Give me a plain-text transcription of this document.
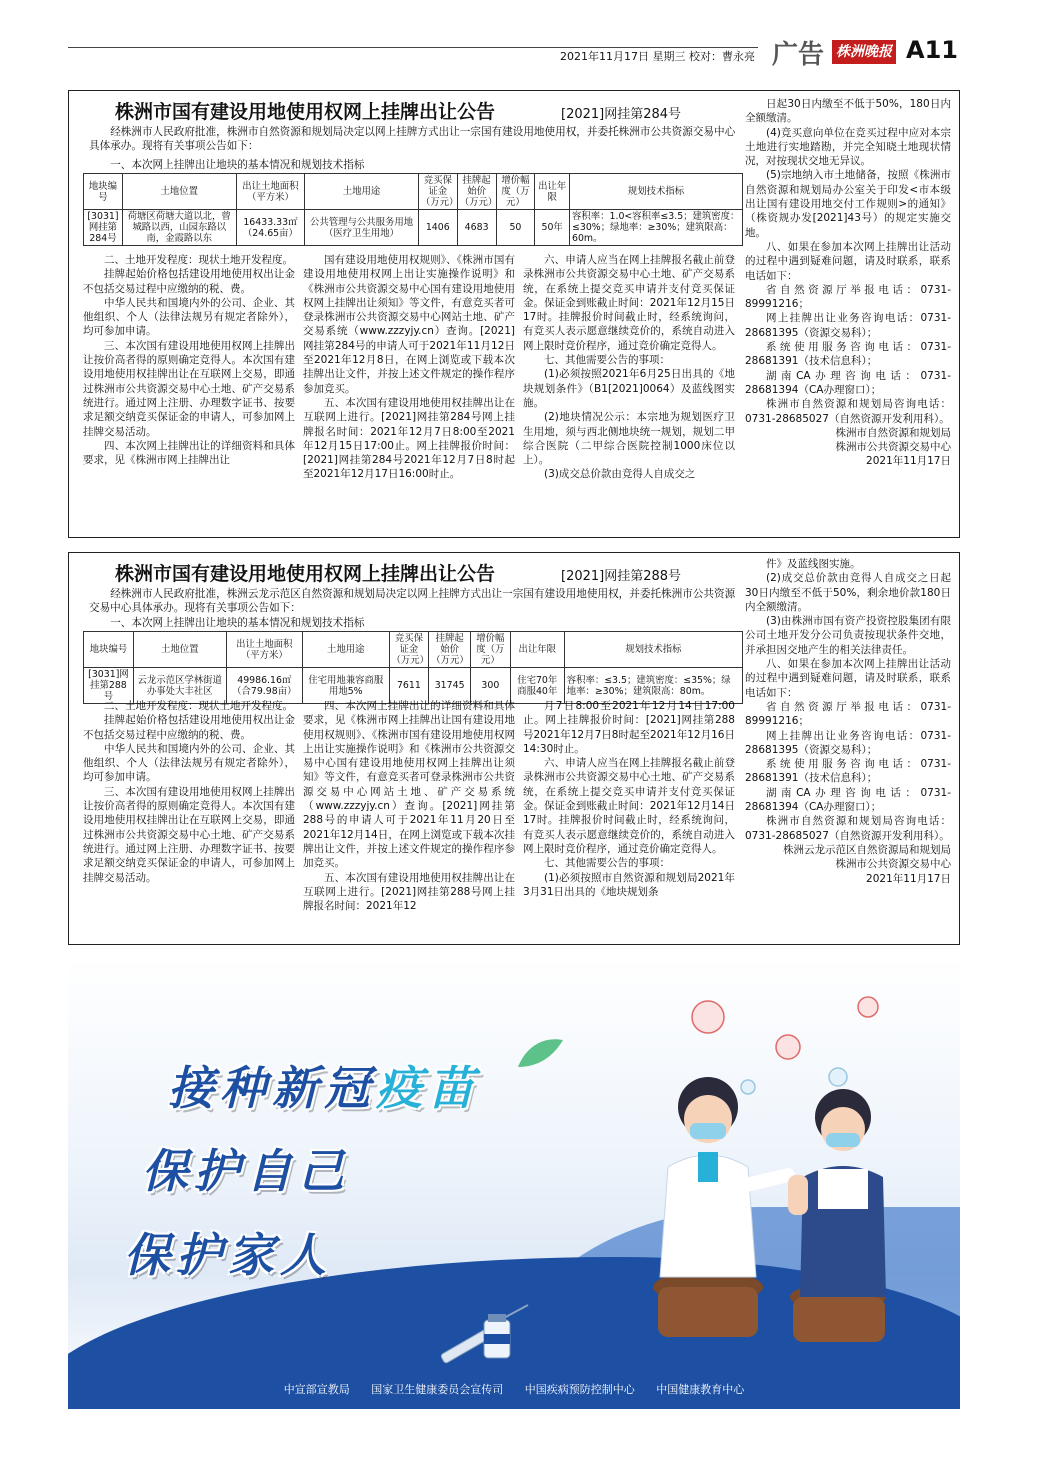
2021年11月17日 星期三 校对：曹永亮 广告 株洲晚报 A11
株洲市国有建设用地使用权网上挂牌出让公告	[2021]网挂第284号
经株洲市人民政府批准，株洲市自然资源和规划局决定以网上挂牌方式出让一宗国有建设用地使用权，并委托株洲市公共资源交易中心具体承办。现将有关事项公告如下：
一、本次网上挂牌出让地块的基本情况和规划技术指标
地块编号	土地位置	出让土地面积（平方米）	土地用途	竞买保证金（万元）	挂牌起始价（万元）	增价幅度（万元）	出让年限	规划技术指标
[3031]网挂第284号	荷塘区荷塘大道以北，曾城路以西，山园东路以南，金霞路以东	16433.33㎡（24.65亩）	公共管理与公共服务用地（医疗卫生用地）	1406	4683	50	50年	容积率：1.0<容积率≤3.5；建筑密度：≤30%；绿地率：≥30%；建筑限高：60m。

二、土地开发程度：现状土地开发程度。

挂牌起始价格包括建设用地使用权出让金不包括交易过程中应缴纳的税、费。

中华人民共和国境内外的公司、企业、其他组织、个人（法律法规另有规定者除外），均可参加申请。

三、本次国有建设用地使用权网上挂牌出让按价高者得的原则确定竞得人。本次国有建设用地使用权挂牌出让在互联网上交易，即通过株洲市公共资源交易中心土地、矿产交易系统进行。通过网上注册、办理数字证书、按要求足额交纳竞买保证金的申请人，可参加网上挂牌交易活动。

四、本次网上挂牌出让的详细资料和具体要求，见《株洲市网上挂牌出让

国有建设用地使用权规则》、《株洲市国有建设用地使用权网上出让实施操作说明》和《株洲市公共资源交易中心国有建设用地使用权网上挂牌出让须知》等文件，有意竞买者可登录株洲市公共资源交易中心网站土地、矿产交易系统（www.zzzyjy.cn）查询。[2021]网挂第284号的申请人可于2021年11月12日至2021年12月8日，在网上浏览或下载本次挂牌出让文件，并按上述文件规定的操作程序参加竞买。

五、本次国有建设用地使用权挂牌出让在互联网上进行。[2021]网挂第284号网上挂牌报名时间：2021年12月7日8:00至2021年12月15日17:00止。网上挂牌报价时间：[2021]网挂第284号2021年12月7日8时起至2021年12月17日16:00时止。

六、申请人应当在网上挂牌报名截止前登录株洲市公共资源交易中心土地、矿产交易系统，在系统上提交竞买申请并支付竞买保证金。保证金到账截止时间：2021年12月15日17时。挂牌报价时间截止时，经系统询问，有竞买人表示愿意继续竞价的，系统自动进入网上限时竞价程序，通过竞价确定竞得人。

七、其他需要公告的事项：

(1)必须按照2021年6月25日出具的《地块规划条件》（B1[2021]0064）及蓝线图实施。

(2)地块情况公示：本宗地为规划医疗卫生用地，须与西北侧地块统一规划，规划二甲综合医院（二甲综合医院控制1000床位以上）。

(3)成交总价款由竞得人自成交之

日起30日内缴至不低于50%，180日内全额缴清。

(4)竞买意向单位在竞买过程中应对本宗土地进行实地踏勘，并完全知晓土地现状情况，对按现状交地无异议。

(5)宗地纳入市土地储备，按照《株洲市自然资源和规划局办公室关于印发<市本级出让国有建设用地交付工作规则>的通知》（株资规办发[2021]43号）的规定实施交地。

八、如果在参加本次网上挂牌出让活动的过程中遇到疑难问题，请及时联系，联系电话如下：

省自然资源厅举报电话：0731-89991216；

网上挂牌出让业务咨询电话：0731-28681395（资源交易科）；

系统使用服务咨询电话：0731-28681391（技术信息科）；

湖南CA办理咨询电话：0731-28681394（CA办理窗口）；

株洲市自然资源和规划局咨询电话：0731-28685027（自然资源开发利用科）。

株洲市自然资源和规划局

株洲市公共资源交易中心

2021年11月17日

株洲市国有建设用地使用权网上挂牌出让公告	[2021]网挂第288号
经株洲市人民政府批准，株洲云龙示范区自然资源和规划局决定以网上挂牌方式出让一宗国有建设用地使用权，并委托株洲市公共资源交易中心具体承办。现将有关事项公告如下：
一、本次网上挂牌出让地块的基本情况和规划技术指标
地块编号	土地位置	出让土地面积（平方米）	土地用途	竞买保证金（万元）	挂牌起始价（万元）	增价幅度（万元）	出让年限	规划技术指标
[3031]网挂第288号	云龙示范区学林街道办事处大丰社区	49986.16㎡（合79.98亩）	住宅用地兼容商服用地5%	7611	31745	300	住宅70年商服40年	容积率：≤3.5；建筑密度：≤35%；绿地率：≥30%；建筑限高：80m。

二、土地开发程度：现状土地开发程度。

挂牌起始价格包括建设用地使用权出让金不包括交易过程中应缴纳的税、费。

中华人民共和国境内外的公司、企业、其他组织、个人（法律法规另有规定者除外），均可参加申请。

三、本次国有建设用地使用权网上挂牌出让按价高者得的原则确定竞得人。本次国有建设用地使用权挂牌出让在互联网上交易，即通过株洲市公共资源交易中心土地、矿产交易系统进行。通过网上注册、办理数字证书、按要求足额交纳竞买保证金的申请人，可参加网上挂牌交易活动。

四、本次网上挂牌出让的详细资料和具体要求，见《株洲市网上挂牌出让国有建设用地使用权规则》、《株洲市国有建设用地使用权网上出让实施操作说明》和《株洲市公共资源交易中心国有建设用地使用权网上挂牌出让须知》等文件，有意竞买者可登录株洲市公共资源交易中心网站土地、矿产交易系统（www.zzzyjy.cn）查询。[2021]网挂第288号的申请人可于2021年11月20日至2021年12月14日，在网上浏览或下载本次挂牌出让文件，并按上述文件规定的操作程序参加竞买。

五、本次国有建设用地使用权挂牌出让在互联网上进行。[2021]网挂第288号网上挂牌报名时间：2021年12

月7日8:00至2021年12月14日17:00止。网上挂牌报价时间：[2021]网挂第288号2021年12月7日8时起至2021年12月16日14:30时止。

六、申请人应当在网上挂牌报名截止前登录株洲市公共资源交易中心土地、矿产交易系统，在系统上提交竞买申请并支付竞买保证金。保证金到账截止时间：2021年12月14日17时。挂牌报价时间截止时，经系统询问，有竞买人表示愿意继续竞价的，系统自动进入网上限时竞价程序，通过竞价确定竞得人。

七、其他需要公告的事项：

(1)必须按照市自然资源和规划局2021年3月31日出具的《地块规划条

件》及蓝线图实施。

(2)成交总价款由竞得人自成交之日起30日内缴至不低于50%，剩余地价款180日内全额缴清。

(3)由株洲市国有资产投资控股集团有限公司土地开发分公司负责按现状条件交地，并承担因交地产生的相关法律责任。

八、如果在参加本次网上挂牌出让活动的过程中遇到疑难问题，请及时联系，联系电话如下：

省自然资源厅举报电话：0731-89991216；

网上挂牌出让业务咨询电话：0731-28681395（资源交易科）；

系统使用服务咨询电话：0731-28681391（技术信息科）；

湖南CA办理咨询电话：0731-28681394（CA办理窗口）；

株洲市自然资源和规划局咨询电话：0731-28685027（自然资源开发利用科）。

株洲云龙示范区自然资源局和规划局

株洲市公共资源交易中心

2021年11月17日

接种新冠疫苗
保护自己
保护家人
中宣部宣教局 国家卫生健康委员会宣传司 中国疾病预防控制中心 中国健康教育中心
